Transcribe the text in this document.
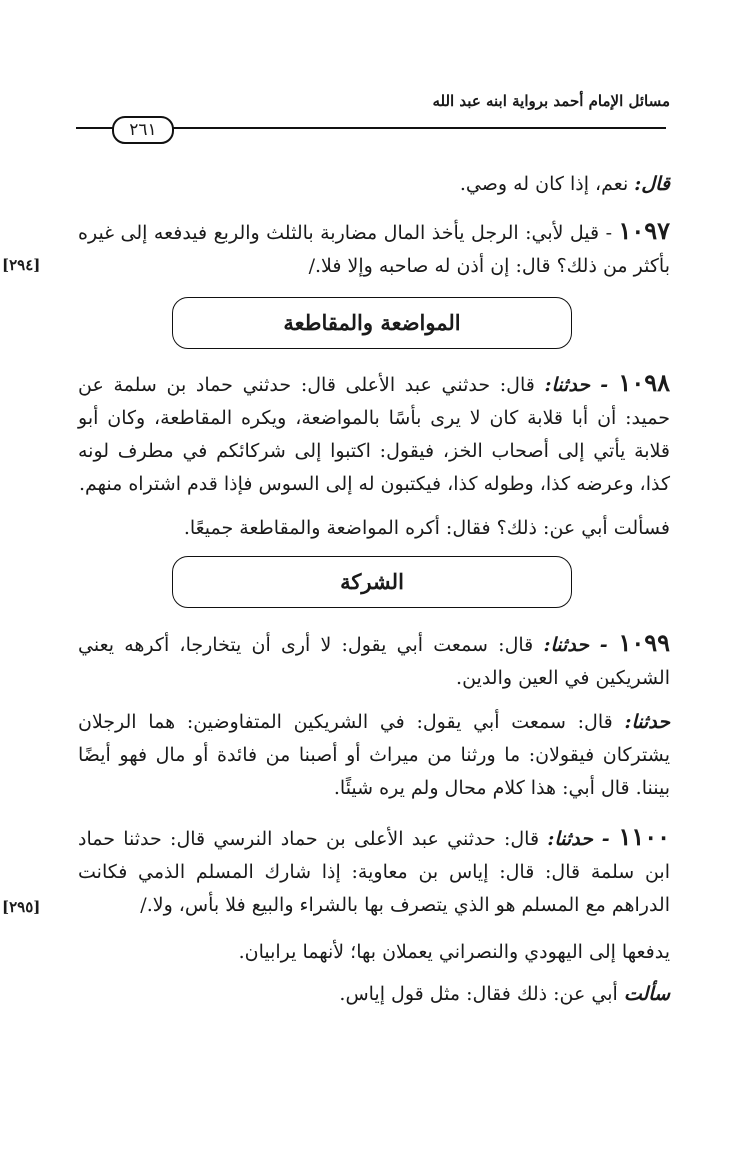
مسائل الإمام أحمد برواية ابنه عبد الله
٢٦١

قال: نعم، إذا كان له وصي.

١٠٩٧ - قيل لأبي: الرجل يأخذ المال مضاربة بالثلث والربع فيدفعه إلى غيره بأكثر من ذلك؟ قال: إن أذن له صاحبه وإلا فلا./

[٢٩٤]
المواضعة والمقاطعة

١٠٩٨ - حدثنا: قال: حدثني عبد الأعلى قال: حدثني حماد بن سلمة عن حميد: أن أبا قلابة كان لا يرى بأسًا بالمواضعة، ويكره المقاطعة، وكان أبو قلابة يأتي إلى أصحاب الخز، فيقول: اكتبوا إلى شركائكم في مطرف لونه كذا، وعرضه كذا، وطوله كذا، فيكتبون له إلى السوس فإذا قدم اشتراه منهم.

فسألت أبي عن: ذلك؟ فقال: أكره المواضعة والمقاطعة جميعًا.

الشركة

١٠٩٩ - حدثنا: قال: سمعت أبي يقول: لا أرى أن يتخارجا، أكرهه يعني الشريكين في العين والدين.

حدثنا: قال: سمعت أبي يقول: في الشريكين المتفاوضين: هما الرجلان يشتركان فيقولان: ما ورثنا من ميراث أو أصبنا من فائدة أو مال فهو أيضًا بيننا. قال أبي: هذا كلام محال ولم يره شيئًا.

١١٠٠ - حدثنا: قال: حدثني عبد الأعلى بن حماد النرسي قال: حدثنا حماد ابن سلمة قال: قال: إياس بن معاوية: إذا شارك المسلم الذمي فكانت الدراهم مع المسلم هو الذي يتصرف بها بالشراء والبيع فلا بأس، ولا./

[٢٩٥]

يدفعها إلى اليهودي والنصراني يعملان بها؛ لأنهما يرابيان.

سألت أبي عن: ذلك فقال: مثل قول إياس.
